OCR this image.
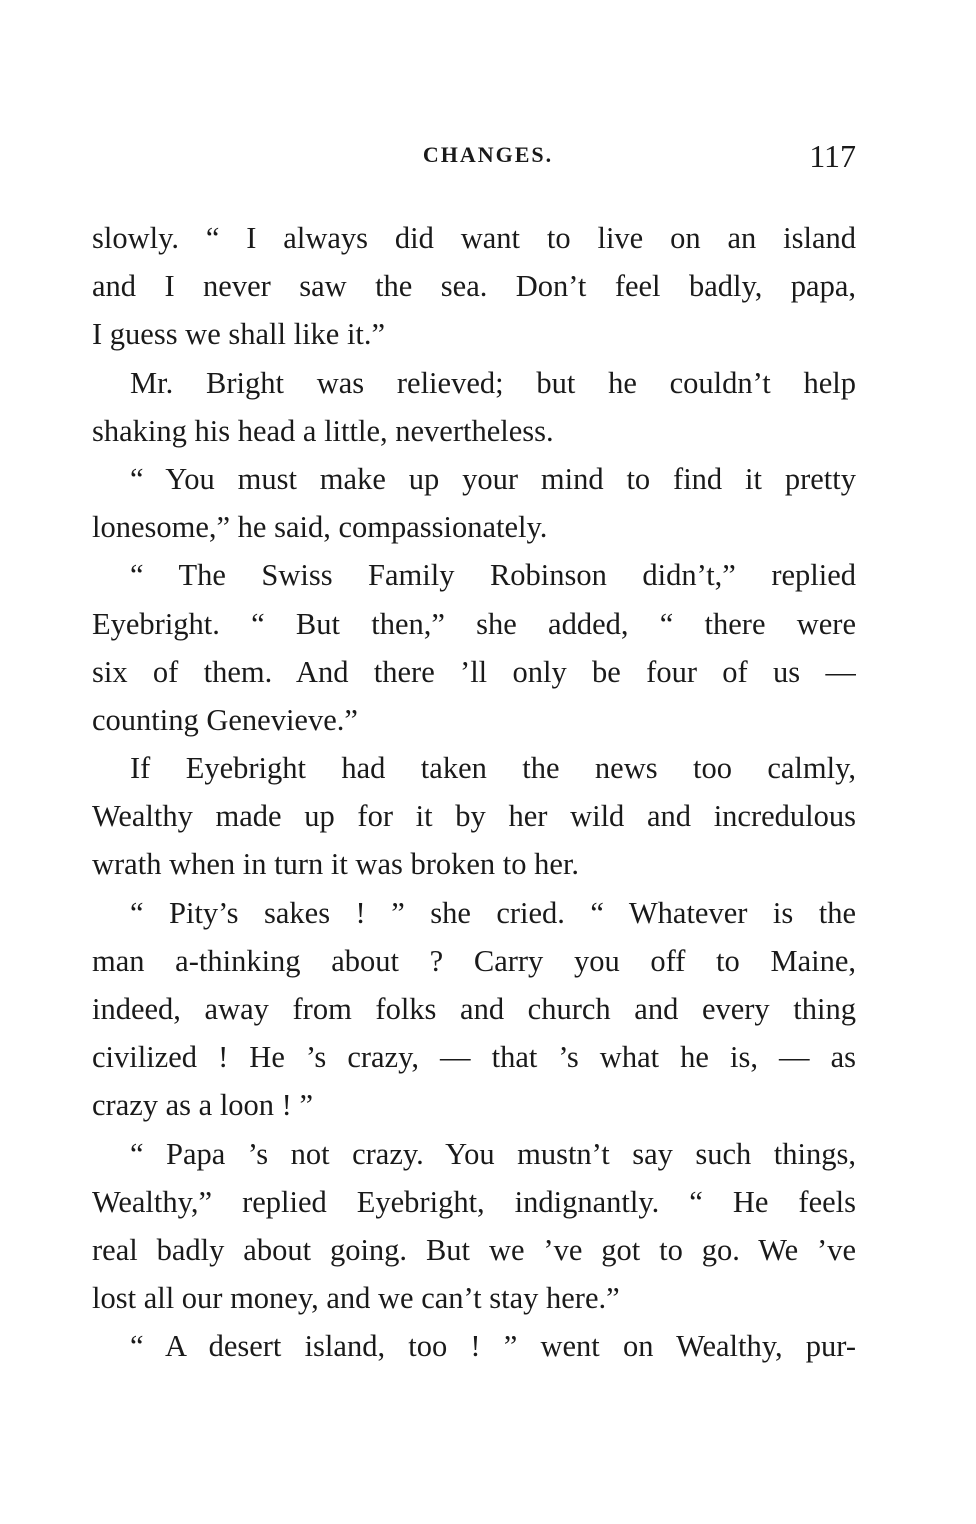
CHANGES.	117
slowly. “ I always did want to live on an island
and I never saw the sea. Don’t feel badly, papa,
I guess we shall like it.”
Mr. Bright was relieved; but he couldn’t help
shaking his head a little, nevertheless.
“ You must make up your mind to find it pretty
lonesome,” he said, compassionately.
“ The Swiss Family Robinson didn’t,” replied
Eyebright. “ But then,” she added, “ there were
six of them. And there ’ll only be four of us —
counting Genevieve.”
If Eyebright had taken the news too calmly,
Wealthy made up for it by her wild and incredulous
wrath when in turn it was broken to her.
“ Pity’s sakes ! ” she cried. “ Whatever is the
man a-thinking about ? Carry you off to Maine,
indeed, away from folks and church and every thing
civilized ! He ’s crazy, — that ’s what he is, — as
crazy as a loon ! ”
“ Papa ’s not crazy. You mustn’t say such things,
Wealthy,” replied Eyebright, indignantly. “ He feels
real badly about going. But we ’ve got to go. We ’ve
lost all our money, and we can’t stay here.”
“ A desert island, too ! ” went on Wealthy, pur-
